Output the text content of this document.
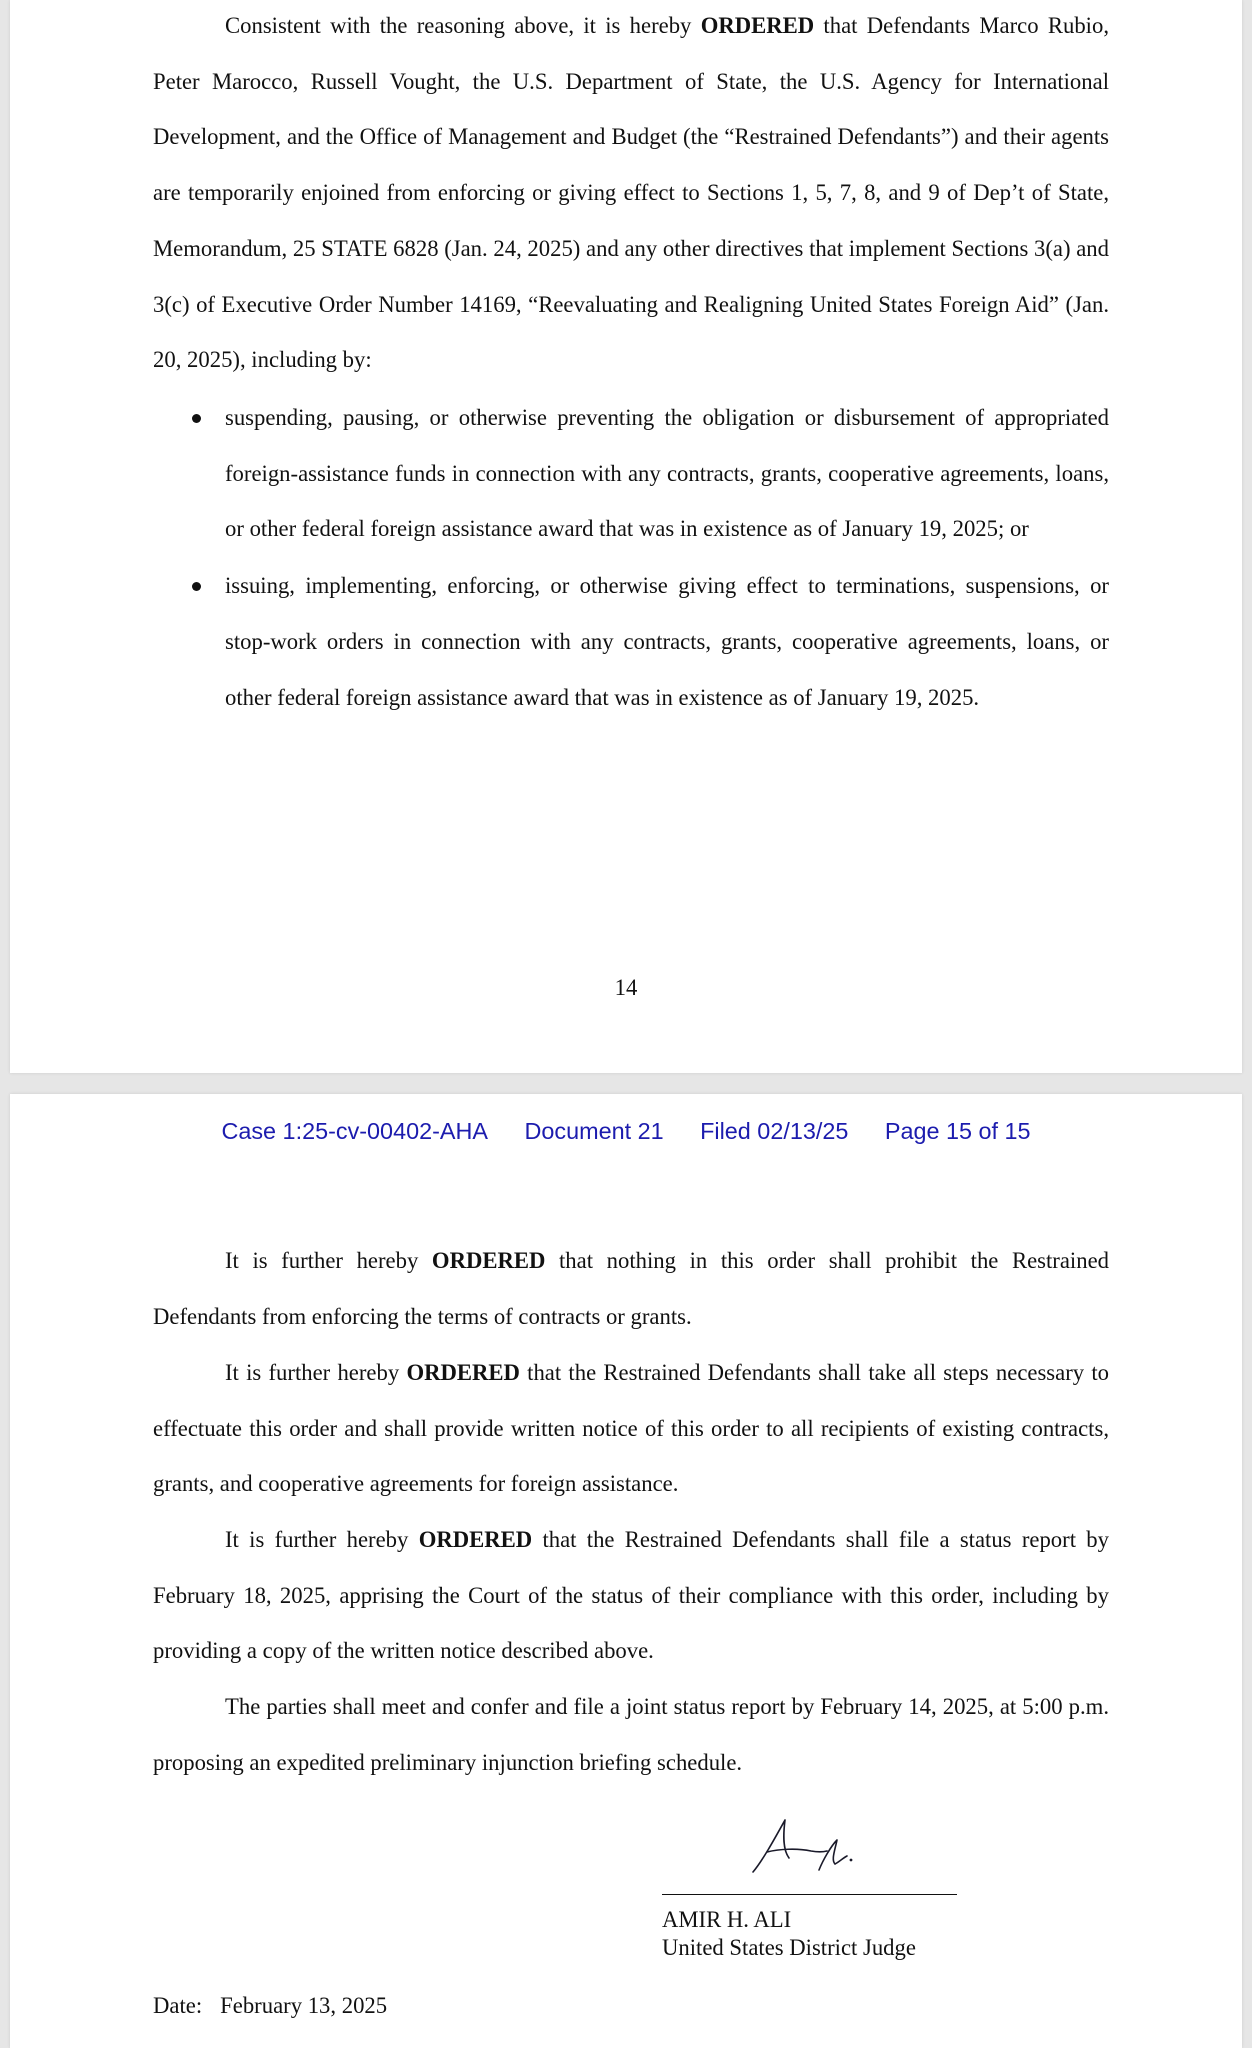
Consistent with the reasoning above, it is hereby ORDERED that Defendants Marco Rubio, Peter Marocco, Russell Vought, the U.S. Department of State, the U.S. Agency for International Development, and the Office of Management and Budget (the “Restrained Defendants”) and their agents are temporarily enjoined from enforcing or giving effect to Sections 1, 5, 7, 8, and 9 of Dep’t of State, Memorandum, 25 STATE 6828 (Jan. 24, 2025) and any other directives that implement Sections 3(a) and 3(c) of Executive Order Number 14169, “Reevaluating and Realigning United States Foreign Aid” (Jan. 20, 2025), including by:

suspending, pausing, or otherwise preventing the obligation or disbursement of appropriated foreign-assistance funds in connection with any contracts, grants, cooperative agreements, loans, or other federal foreign assistance award that was in existence as of January 19, 2025; or
issuing, implementing, enforcing, or otherwise giving effect to terminations, suspensions, or stop-work orders in connection with any contracts, grants, cooperative agreements, loans, or other federal foreign assistance award that was in existence as of January 19, 2025.
14
Case 1:25-cv-00402-AHA Document 21 Filed 02/13/25 Page 15 of 15

It is further hereby ORDERED that nothing in this order shall prohibit the Restrained Defendants from enforcing the terms of contracts or grants.

It is further hereby ORDERED that the Restrained Defendants shall take all steps necessary to effectuate this order and shall provide written notice of this order to all recipients of existing contracts, grants, and cooperative agreements for foreign assistance.

It is further hereby ORDERED that the Restrained Defendants shall file a status report by February 18, 2025, apprising the Court of the status of their compliance with this order, including by providing a copy of the written notice described above.

The parties shall meet and confer and file a joint status report by February 14, 2025, at 5:00 p.m. proposing an expedited preliminary injunction briefing schedule.

AMIR H. ALI
United States District Judge
Date: February 13, 2025
